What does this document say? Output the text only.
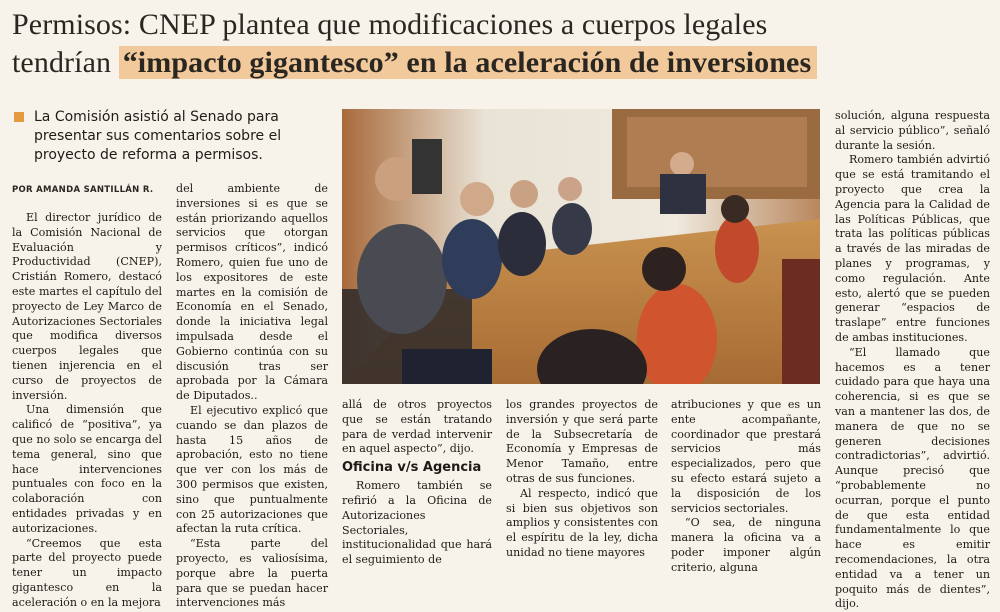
Permisos: CNEP plantea que modificaciones a cuerpos legales
tendrían “impacto gigantesco” en la aceleración de inversiones
La Comisión asistió al Senado para presentar sus comentarios sobre el proyecto de reforma a permisos.
POR AMANDA SANTILLÁN R.

El director jurídico de la Comisión Nacional de Evaluación y Productividad (CNEP), Cristián Romero, destacó este martes el capítulo del proyecto de Ley Marco de Autorizaciones Sectoriales que modifica diversos cuerpos legales que tienen injerencia en el curso de proyectos de inversión.

Una dimensión que calificó de “positiva”, ya que no solo se encarga del tema general, sino que hace intervenciones puntuales con foco en la colaboración con entidades privadas y en autorizaciones.

“Creemos que esta parte del proyecto puede tener un impacto gigantesco en la aceleración o en la mejora

del ambiente de inversiones si es que se están priorizando aquellos servicios que otorgan permisos críticos”, indicó Romero, quien fue uno de los expositores de este martes en la comisión de Economía en el Senado, donde la iniciativa legal impulsada desde el Gobierno continúa con su discusión tras ser aprobada por la Cámara de Diputados..

El ejecutivo explicó que cuando se dan plazos de hasta 15 años de aprobación, esto no tiene que ver con los más de 300 permisos que existen, sino que puntualmente con 25 autorizaciones que afectan la ruta crítica.

“Esta parte del proyecto, es valiosísima, porque abre la puerta para que se puedan hacer intervenciones más

allá de otros proyectos que se están tratando para de verdad intervenir en aquel aspecto”, dijo.

Oficina v/s Agencia

Romero también se refirió a la Oficina de Autorizaciones Sectoriales, institucionalidad que hará el seguimiento de

los grandes proyectos de inversión y que será parte de la Subsecretaría de Economía y Empresas de Menor Tamaño, entre otras de sus funciones.

Al respecto, indicó que si bien sus objetivos son amplios y consistentes con el espíritu de la ley, dicha unidad no tiene mayores

atribuciones y que es un ente acompañante, coordinador que prestará servicios más especializados, pero que su efecto estará sujeto a la disposición de los servicios sectoriales.

“O sea, de ninguna manera la oficina va a poder imponer algún criterio, alguna

solución, alguna respuesta al servicio público”, señaló durante la sesión.

Romero también advirtió que se está tramitando el proyecto que crea la Agencia para la Calidad de las Políticas Públicas, que trata las políticas públicas a través de las miradas de planes y programas, y como regulación. Ante esto, alertó que se pueden generar “espacios de traslape” entre funciones de ambas instituciones.

“El llamado que hacemos es a tener cuidado para que haya una coherencia, si es que se van a mantener las dos, de manera de que no se generen decisiones contradictorias”, advirtió. Aunque precisó que “probablemente no ocurran, porque el punto de que esta entidad fundamentalmente lo que hace es emitir recomendaciones, la otra entidad va a tener un poquito más de dientes”, dijo.
